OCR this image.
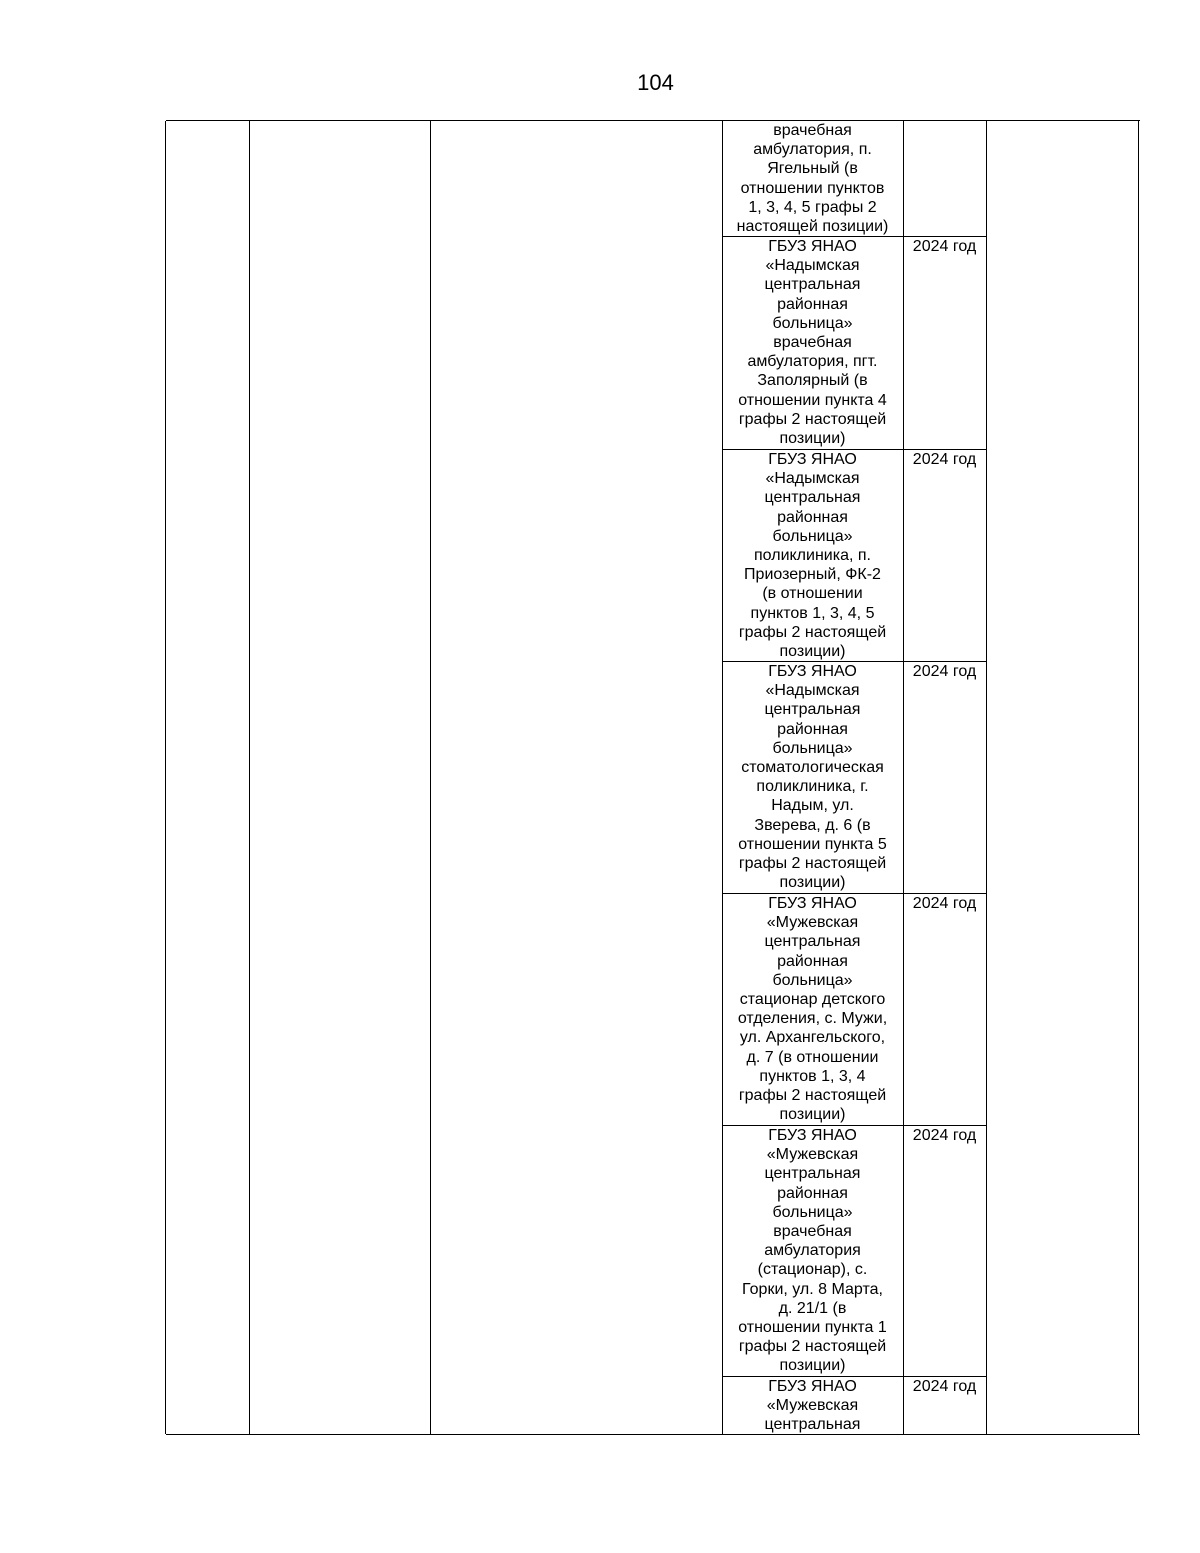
104
врачебная
амбулатория, п.
Ягельный (в
отношении пунктов
1, 3, 4, 5 графы 2
настоящей позиции)
ГБУЗ ЯНАО
«Надымская
центральная
районная
больница»
врачебная
амбулатория, пгт.
Заполярный (в
отношении пункта 4
графы 2 настоящей
позиции)
2024 год
ГБУЗ ЯНАО
«Надымская
центральная
районная
больница»
поликлиника, п.
Приозерный, ФК-2
(в отношении
пунктов 1, 3, 4, 5
графы 2 настоящей
позиции)
2024 год
ГБУЗ ЯНАО
«Надымская
центральная
районная
больница»
стоматологическая
поликлиника, г.
Надым, ул.
Зверева, д. 6 (в
отношении пункта 5
графы 2 настоящей
позиции)
2024 год
ГБУЗ ЯНАО
«Мужевская
центральная
районная
больница»
стационар детского
отделения, с. Мужи,
ул. Архангельского,
д. 7 (в отношении
пунктов 1, 3, 4
графы 2 настоящей
позиции)
2024 год
ГБУЗ ЯНАО
«Мужевская
центральная
районная
больница»
врачебная
амбулатория
(стационар), с.
Горки, ул. 8 Марта,
д. 21/1 (в
отношении пункта 1
графы 2 настоящей
позиции)
2024 год
ГБУЗ ЯНАО
«Мужевская
центральная
2024 год
